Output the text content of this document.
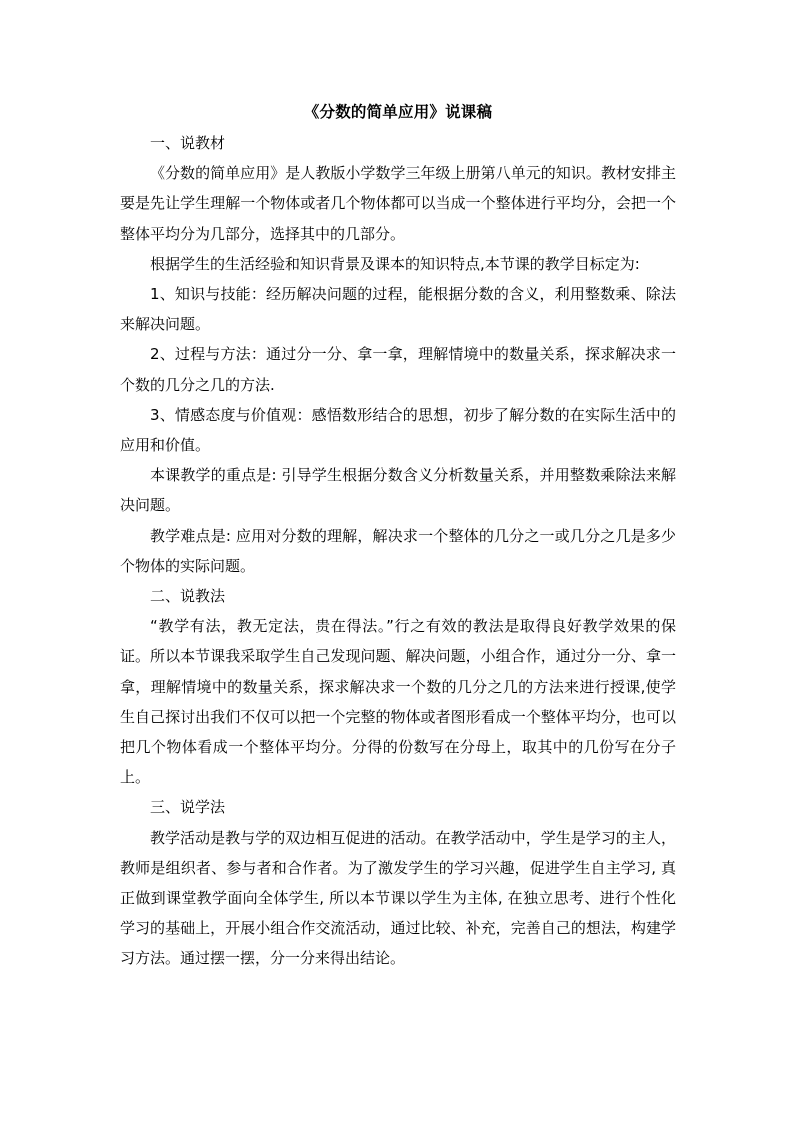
《分数的简单应用》说课稿

一、说教材

《分数的简单应用》是人教版小学数学三年级上册第八单元的知识。教材安排主要是先让学生理解一个物体或者几个物体都可以当成一个整体进行平均分，会把一个整体平均分为几部分，选择其中的几部分。

根据学生的生活经验和知识背景及课本的知识特点,本节课的教学目标定为:

1、知识与技能：经历解决问题的过程，能根据分数的含义，利用整数乘、除法来解决问题。

2、过程与方法：通过分一分、拿一拿，理解情境中的数量关系，探求解决求一个数的几分之几的方法.

3、情感态度与价值观：感悟数形结合的思想，初步了解分数的在实际生活中的应用和价值。

本课教学的重点是: 引导学生根据分数含义分析数量关系，并用整数乘除法来解决问题。

教学难点是: 应用对分数的理解，解决求一个整体的几分之一或几分之几是多少个物体的实际问题。

二、说教法

“教学有法，教无定法，贵在得法。”行之有效的教法是取得良好教学效果的保证。所以本节课我采取学生自己发现问题、解决问题，小组合作，通过分一分、拿一拿，理解情境中的数量关系，探求解决求一个数的几分之几的方法来进行授课,使学生自己探讨出我们不仅可以把一个完整的物体或者图形看成一个整体平均分，也可以把几个物体看成一个整体平均分。分得的份数写在分母上，取其中的几份写在分子上。

三、说学法

教学活动是教与学的双边相互促进的活动。在教学活动中，学生是学习的主人，教师是组织者、参与者和合作者。为了激发学生的学习兴趣，促进学生自主学习, 真正做到课堂教学面向全体学生, 所以本节课以学生为主体, 在独立思考、进行个性化学习的基础上，开展小组合作交流活动，通过比较、补充，完善自己的想法，构建学习方法。通过摆一摆，分一分来得出结论。
